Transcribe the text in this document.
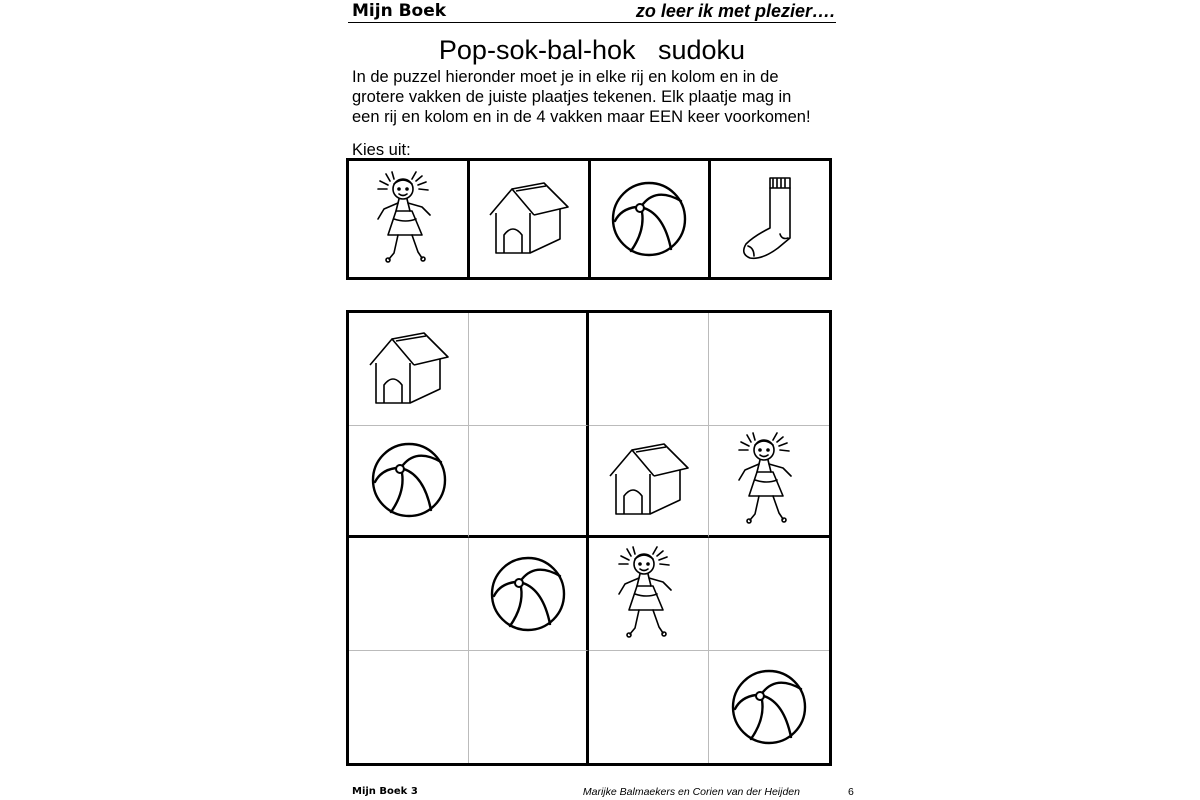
Mijn Boek	zo leer ik met plezier….
Pop-sok-bal-hok   sudoku
In de puzzel hieronder moet je in elke rij en kolom en in de
grotere vakken de juiste plaatjes tekenen. Elk plaatje mag in
een rij en kolom en in de 4 vakken maar EEN keer voorkomen!
Kies uit:
Mijn Boek 3	Marijke Balmaekers en Corien van der Heijden	6
